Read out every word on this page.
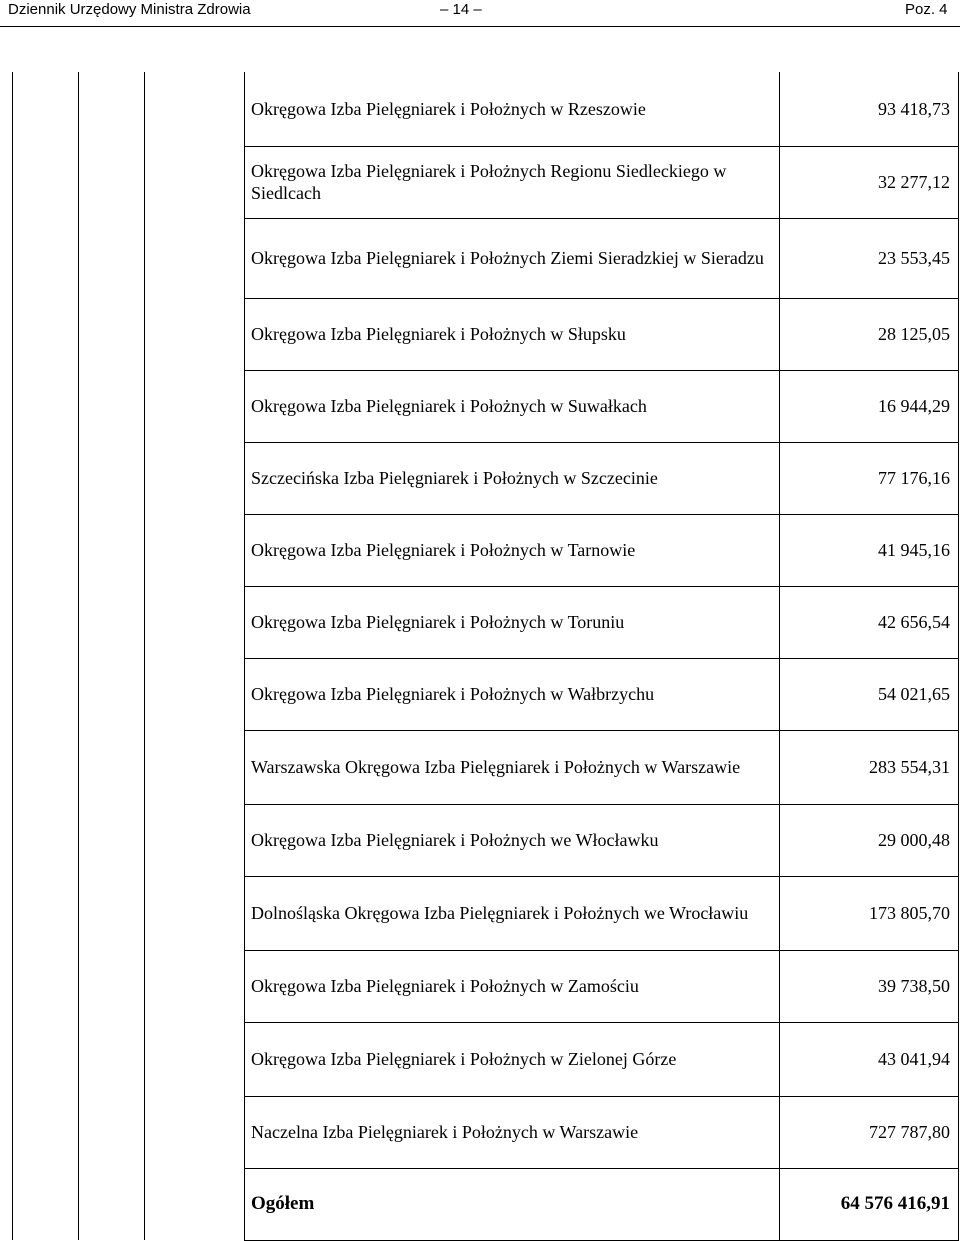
Dziennik Urzędowy Ministra Zdrowia	– 14 –	Poz. 4
			Okręgowa Izba Pielęgniarek i Położnych w Rzeszowie	93 418,73
			Okręgowa Izba Pielęgniarek i Położnych Regionu Siedleckiego w Siedlcach	32 277,12
			Okręgowa Izba Pielęgniarek i Położnych Ziemi Sieradzkiej w Sieradzu	23 553,45
			Okręgowa Izba Pielęgniarek i Położnych w Słupsku	28 125,05
			Okręgowa Izba Pielęgniarek i Położnych w Suwałkach	16 944,29
			Szczecińska Izba Pielęgniarek i Położnych w Szczecinie	77 176,16
			Okręgowa Izba Pielęgniarek i Położnych w Tarnowie	41 945,16
			Okręgowa Izba Pielęgniarek i Położnych w Toruniu	42 656,54
			Okręgowa Izba Pielęgniarek i Położnych w Wałbrzychu	54 021,65
			Warszawska Okręgowa Izba Pielęgniarek i Położnych w Warszawie	283 554,31
			Okręgowa Izba Pielęgniarek i Położnych we Włocławku	29 000,48
			Dolnośląska Okręgowa Izba Pielęgniarek i Położnych we Wrocławiu	173 805,70
			Okręgowa Izba Pielęgniarek i Położnych w Zamościu	39 738,50
			Okręgowa Izba Pielęgniarek i Położnych w Zielonej Górze	43 041,94
			Naczelna Izba Pielęgniarek i Położnych w Warszawie	727 787,80
			Ogółem	64 576 416,91
